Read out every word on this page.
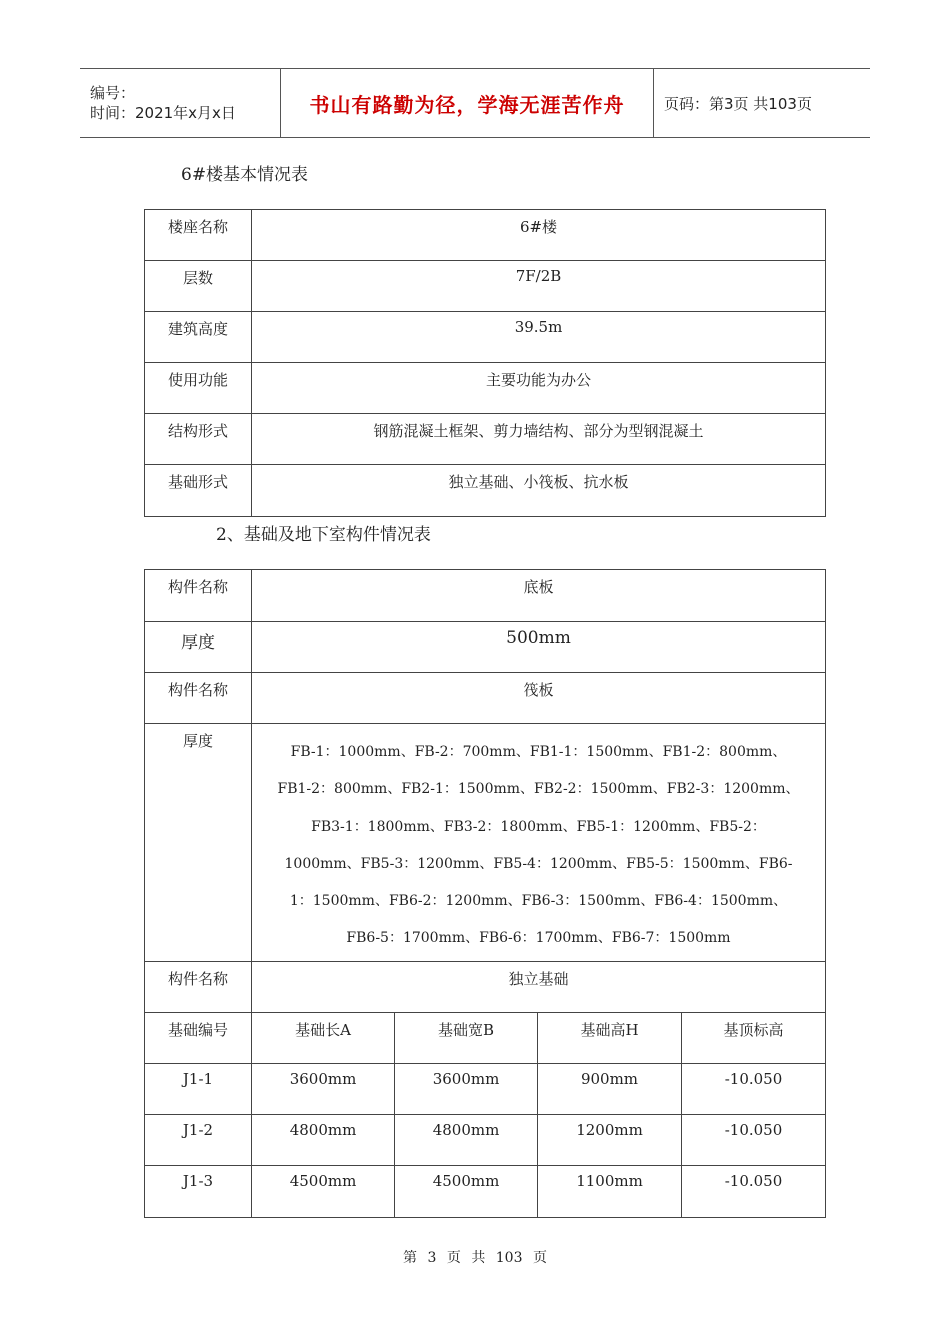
编号：
时间：2021年x月x日	书山有路勤为径，学海无涯苦作舟	页码：第3页 共103页
6#楼基本情况表
楼座名称	6#楼

层数	7F/2B

建筑高度	39.5m

使用功能	主要功能为办公

结构形式	钢筋混凝土框架、剪力墙结构、部分为型钢混凝土

基础形式	独立基础、小筏板、抗水板
2、基础及地下室构件情况表
构件名称	底板			

厚度	500mm			

构件名称	筏板			

厚度	FB-1：1000mm、FB-2：700mm、FB1-1：1500mm、FB1-2：800mm、FB1-2：800mm、FB2-1：1500mm、FB2-2：1500mm、FB2-3：1200mm、FB3-1：1800mm、FB3-2：1800mm、FB5-1：1200mm、FB5-2：1000mm、FB5-3：1200mm、FB5-4：1200mm、FB5-5：1500mm、FB6-1：1500mm、FB6-2：1200mm、FB6-3：1500mm、FB6-4：1500mm、FB6-5：1700mm、FB6-6：1700mm、FB6-7：1500mm			

构件名称	独立基础			

基础编号	基础长A	基础宽B	基础高H	基顶标高

J1-1	3600mm	3600mm	900mm	-10.050

J1-2	4800mm	4800mm	1200mm	-10.050

J1-3	4500mm	4500mm	1100mm	-10.050
第 3 页 共 103 页
